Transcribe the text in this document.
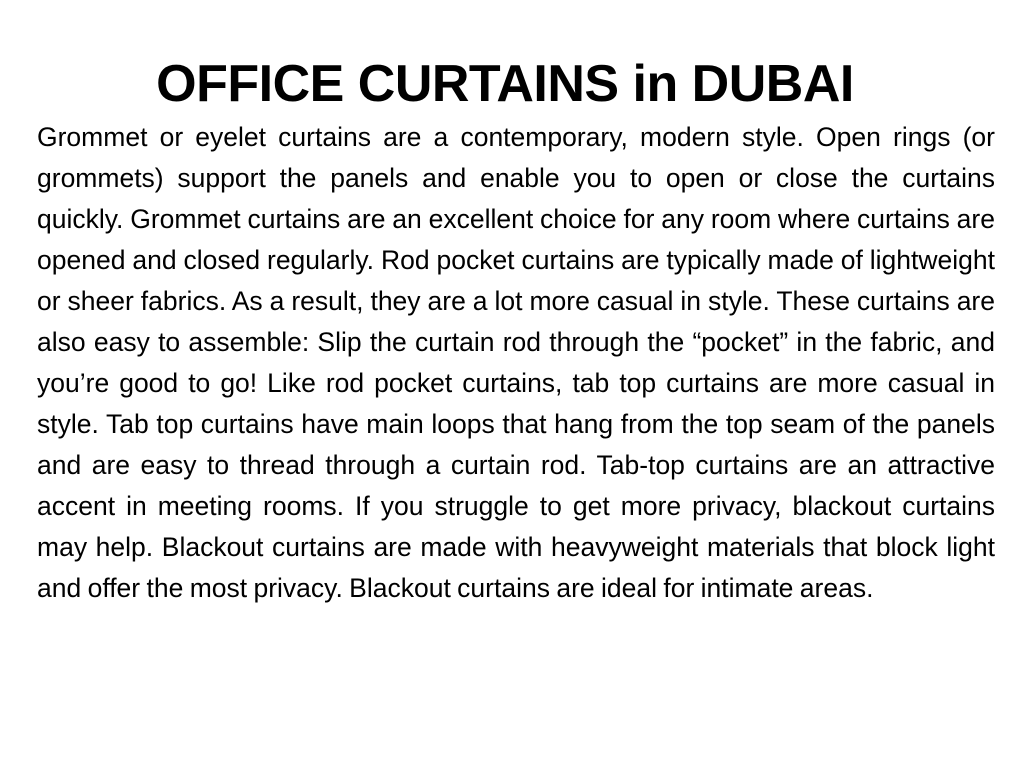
OFFICE CURTAINS in DUBAI

Grommet or eyelet curtains are a contemporary, modern style. Open rings (or grommets) support the panels and enable you to open or close the curtains quickly. Grommet curtains are an excellent choice for any room where curtains are opened and closed regularly. Rod pocket curtains are typically made of lightweight or sheer fabrics. As a result, they are a lot more casual in style. These curtains are also easy to assemble: Slip the curtain rod through the “pocket” in the fabric, and you’re good to go! Like rod pocket curtains, tab top curtains are more casual in style. Tab top curtains have main loops that hang from the top seam of the panels and are easy to thread through a curtain rod. Tab-top curtains are an attractive accent in meeting rooms. If you struggle to get more privacy, blackout curtains may help. Blackout curtains are made with heavyweight materials that block light and offer the most privacy. Blackout curtains are ideal for intimate areas.
